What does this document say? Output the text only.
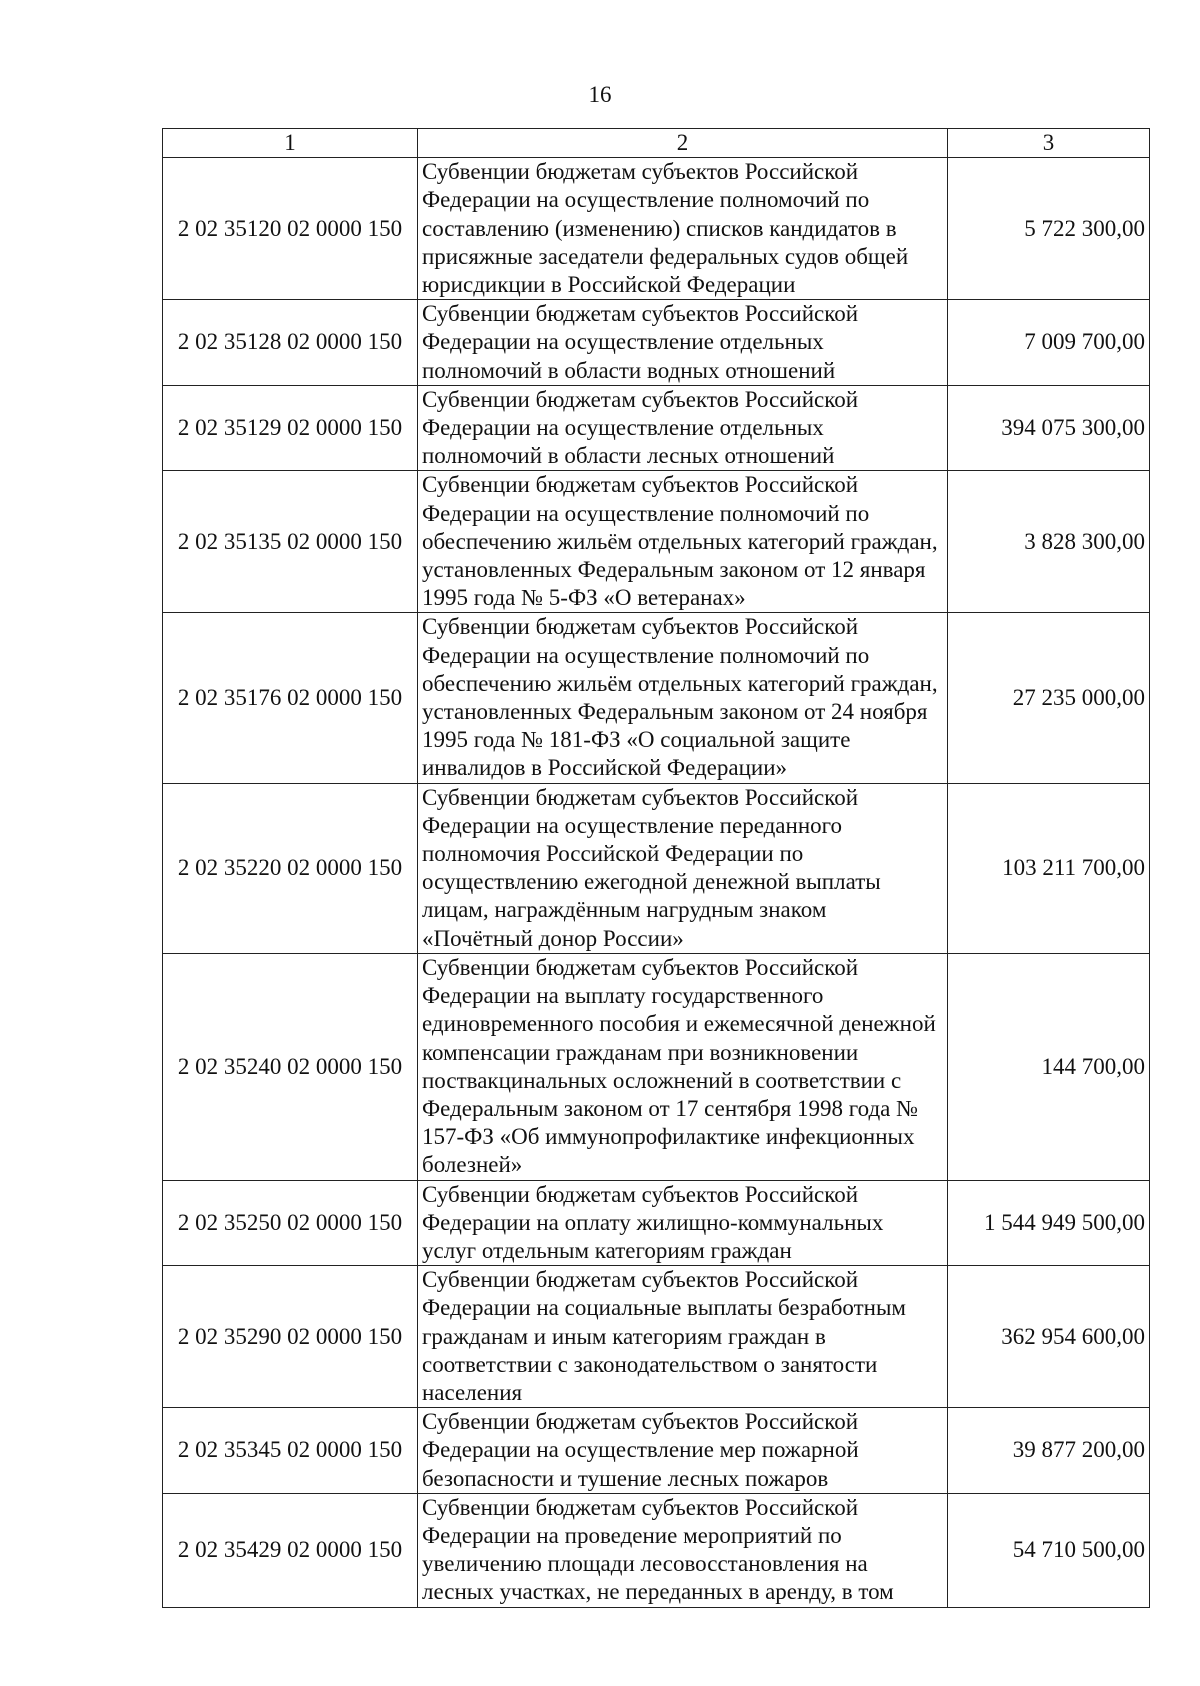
16
1	2	3
2 02 35120 02 0000 150	Субвенции бюджетам субъектов Российской Федерации на осуществление полномочий по составлению (изменению) списков кандидатов в присяжные заседатели федеральных судов общей юрисдикции в Российской Федерации	5 722 300,00
2 02 35128 02 0000 150	Субвенции бюджетам субъектов Российской Федерации на осуществление отдельных полномочий в области водных отношений	7 009 700,00
2 02 35129 02 0000 150	Субвенции бюджетам субъектов Российской Федерации на осуществление отдельных полномочий в области лесных отношений	394 075 300,00
2 02 35135 02 0000 150	Субвенции бюджетам субъектов Российской Федерации на осуществление полномочий по обеспечению жильём отдельных категорий граждан, установленных Федеральным законом от 12 января 1995 года № 5-ФЗ «О ветеранах»	3 828 300,00
2 02 35176 02 0000 150	Субвенции бюджетам субъектов Российской Федерации на осуществление полномочий по обеспечению жильём отдельных категорий граждан, установленных Федеральным законом от 24 ноября 1995 года № 181-ФЗ «О социальной защите инвалидов в Российской Федерации»	27 235 000,00
2 02 35220 02 0000 150	Субвенции бюджетам субъектов Российской Федерации на осуществление переданного полномочия Российской Федерации по осуществлению ежегодной денежной выплаты лицам, награждённым нагрудным знаком «Почётный донор России»	103 211 700,00
2 02 35240 02 0000 150	Субвенции бюджетам субъектов Российской Федерации на выплату государственного единовременного пособия и ежемесячной денежной компенсации гражданам при возникновении поствакцинальных осложнений в соответствии с Федеральным законом от 17 сентября 1998 года № 157-ФЗ «Об иммунопрофилактике инфекционных болезней»	144 700,00
2 02 35250 02 0000 150	Субвенции бюджетам субъектов Российской Федерации на оплату жилищно-коммунальных услуг отдельным категориям граждан	1 544 949 500,00
2 02 35290 02 0000 150	Субвенции бюджетам субъектов Российской Федерации на социальные выплаты безработным гражданам и иным категориям граждан в соответствии с законодательством о занятости населения	362 954 600,00
2 02 35345 02 0000 150	Субвенции бюджетам субъектов Российской Федерации на осуществление мер пожарной безопасности и тушение лесных пожаров	39 877 200,00
2 02 35429 02 0000 150	Субвенции бюджетам субъектов Российской Федерации на проведение мероприятий по увеличению площади лесовосстановления на лесных участках, не переданных в аренду, в том	54 710 500,00
